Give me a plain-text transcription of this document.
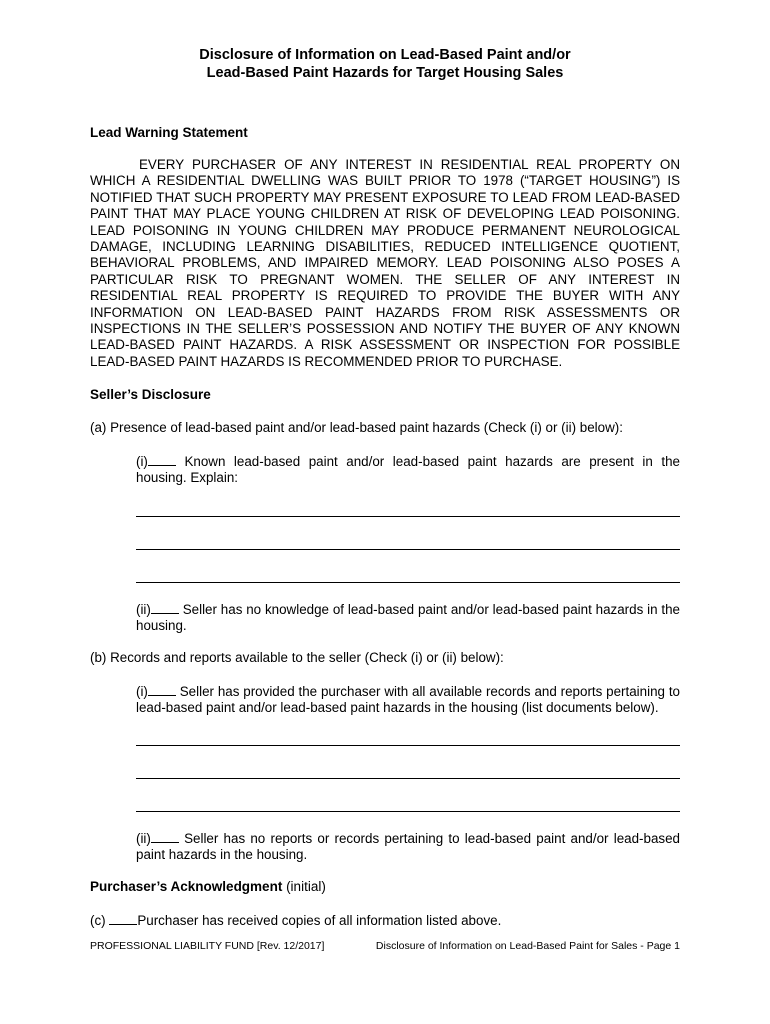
Disclosure of Information on Lead-Based Paint and/or
Lead-Based Paint Hazards for Target Housing Sales
Lead Warning Statement

EVERY PURCHASER OF ANY INTEREST IN RESIDENTIAL REAL PROPERTY ON WHICH A RESIDENTIAL DWELLING WAS BUILT PRIOR TO 1978 (“TARGET HOUSING”) IS NOTIFIED THAT SUCH PROPERTY MAY PRESENT EXPOSURE TO LEAD FROM LEAD-BASED PAINT THAT MAY PLACE YOUNG CHILDREN AT RISK OF DEVELOPING LEAD POISONING. LEAD POISONING IN YOUNG CHILDREN MAY PRODUCE PERMANENT NEUROLOGICAL DAMAGE, INCLUDING LEARNING DISABILITIES, REDUCED INTELLIGENCE QUOTIENT, BEHAVIORAL PROBLEMS, AND IMPAIRED MEMORY. LEAD POISONING ALSO POSES A PARTICULAR RISK TO PREGNANT WOMEN. THE SELLER OF ANY INTEREST IN RESIDENTIAL REAL PROPERTY IS REQUIRED TO PROVIDE THE BUYER WITH ANY INFORMATION ON LEAD-BASED PAINT HAZARDS FROM RISK ASSESSMENTS OR INSPECTIONS IN THE SELLER’S POSSESSION AND NOTIFY THE BUYER OF ANY KNOWN LEAD-BASED PAINT HAZARDS. A RISK ASSESSMENT OR INSPECTION FOR POSSIBLE LEAD-BASED PAINT HAZARDS IS RECOMMENDED PRIOR TO PURCHASE.

Seller’s Disclosure

(a) Presence of lead-based paint and/or lead-based paint hazards (Check (i) or (ii) below):

(i) Known lead-based paint and/or lead-based paint hazards are present in the housing. Explain:

(ii) Seller has no knowledge of lead-based paint and/or lead-based paint hazards in the housing.

(b) Records and reports available to the seller (Check (i) or (ii) below):

(i) Seller has provided the purchaser with all available records and reports pertaining to lead-based paint and/or lead-based paint hazards in the housing (list documents below).

(ii) Seller has no reports or records pertaining to lead-based paint and/or lead-based paint hazards in the housing.

Purchaser’s Acknowledgment (initial)

(c) Purchaser has received copies of all information listed above.

PROFESSIONAL LIABILITY FUND [Rev. 12/2017]	Disclosure of Information on Lead-Based Paint for Sales - Page 1
